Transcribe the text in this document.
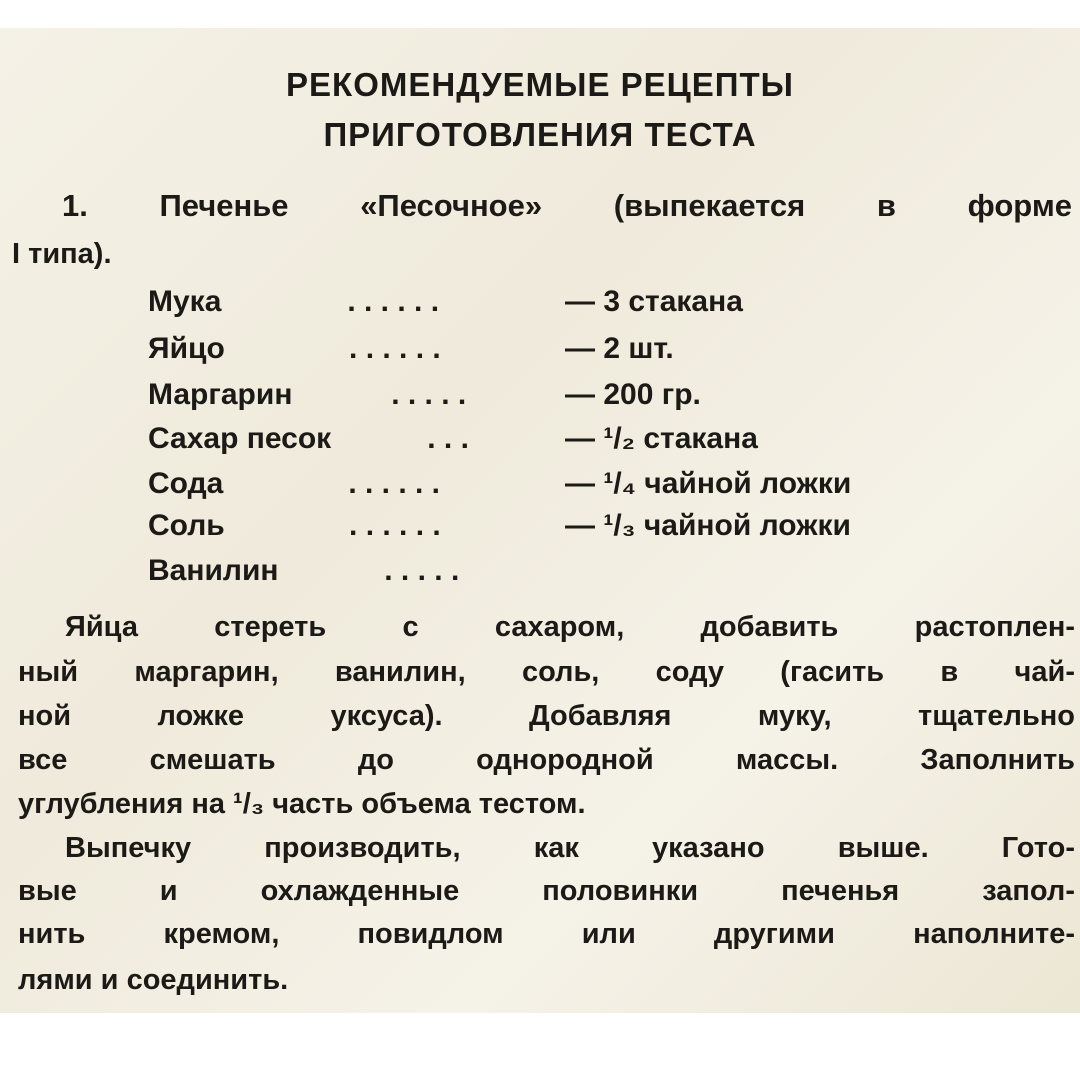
РЕКОМЕНДУЕМЫЕ РЕЦЕПТЫ
ПРИГОТОВЛЕНИЯ ТЕСТА
1. Печенье «Песочное» (выпекается в форме
I типа).
Мука	. . . . . .	— 3 стакана
Яйцо	. . . . . .	— 2 шт.
Маргарин	. . . . .	— 200 гр.
Сахар песок	. . .	— ¹/₂ стакана
Сода	. . . . . .	— ¹/₄ чайной ложки
Соль	. . . . . .	— ¹/₃ чайной ложки
Ванилин	. . . . .
Яйца стереть с сахаром, добавить растоплен-
ный маргарин, ванилин, соль, соду (гасить в чай-
ной ложке уксуса). Добавляя муку, тщательно
все смешать до однородной массы. Заполнить
углубления на ¹/₃ часть объема тестом.
Выпечку производить, как указано выше. Гото-
вые и охлажденные половинки печенья запол-
нить кремом, повидлом или другими наполните-
лями и соединить.
